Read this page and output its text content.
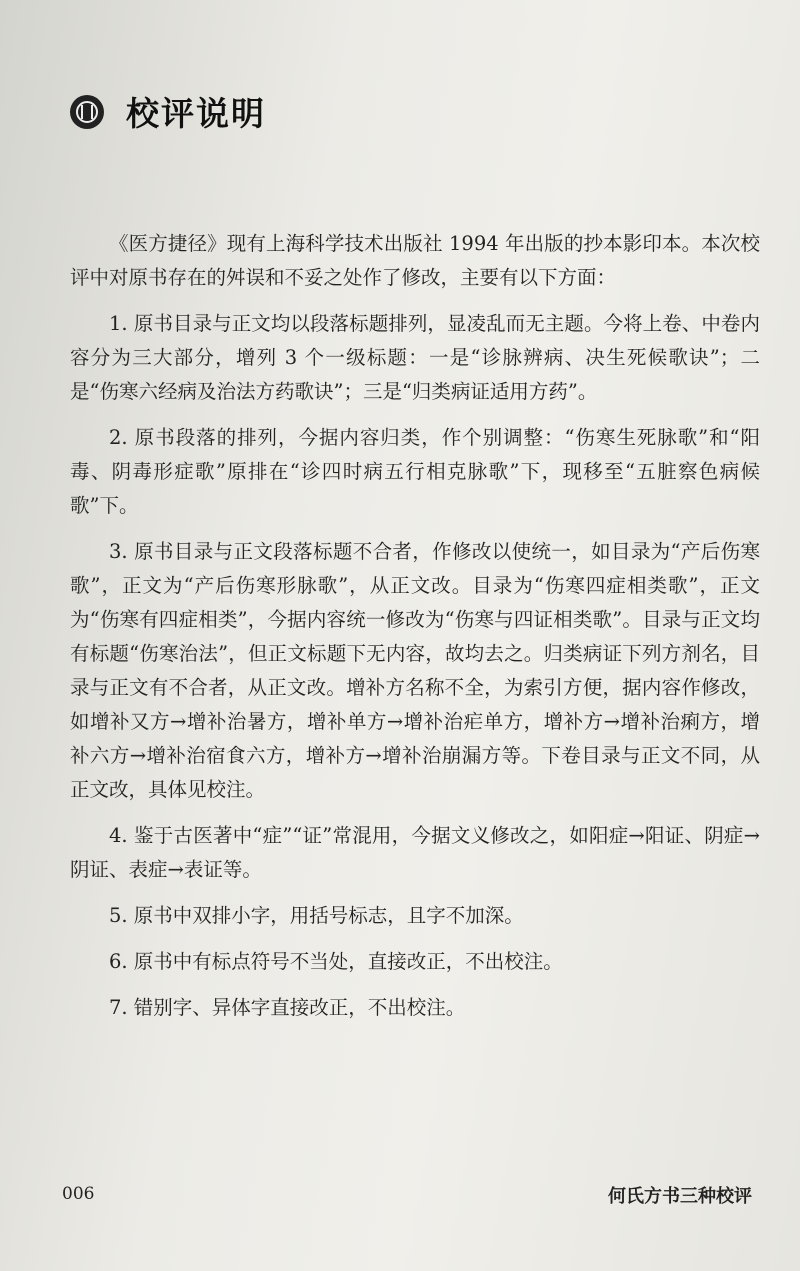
校评说明

《医方捷径》现有上海科学技术出版社 1994 年出版的抄本影印本。本次校评中对原书存在的舛误和不妥之处作了修改，主要有以下方面：

1. 原书目录与正文均以段落标题排列，显凌乱而无主题。今将上卷、中卷内容分为三大部分，增列 3 个一级标题：一是“诊脉辨病、决生死候歌诀”；二是“伤寒六经病及治法方药歌诀”；三是“归类病证适用方药”。

2. 原书段落的排列，今据内容归类，作个别调整：“伤寒生死脉歌”和“阳毒、阴毒形症歌”原排在“诊四时病五行相克脉歌”下，现移至“五脏察色病候歌”下。

3. 原书目录与正文段落标题不合者，作修改以使统一，如目录为“产后伤寒歌”，正文为“产后伤寒形脉歌”，从正文改。目录为“伤寒四症相类歌”，正文为“伤寒有四症相类”，今据内容统一修改为“伤寒与四证相类歌”。目录与正文均有标题“伤寒治法”，但正文标题下无内容，故均去之。归类病证下列方剂名，目录与正文有不合者，从正文改。增补方名称不全，为索引方便，据内容作修改，如增补又方→增补治暑方，增补单方→增补治疟单方，增补方→增补治痢方，增补六方→增补治宿食六方，增补方→增补治崩漏方等。下卷目录与正文不同，从正文改，具体见校注。

4. 鉴于古医著中“症”“证”常混用，今据文义修改之，如阳症→阳证、阴症→阴证、表症→表证等。

5. 原书中双排小字，用括号标志，且字不加深。

6. 原书中有标点符号不当处，直接改正，不出校注。

7. 错别字、异体字直接改正，不出校注。

006	何氏方书三种校评
